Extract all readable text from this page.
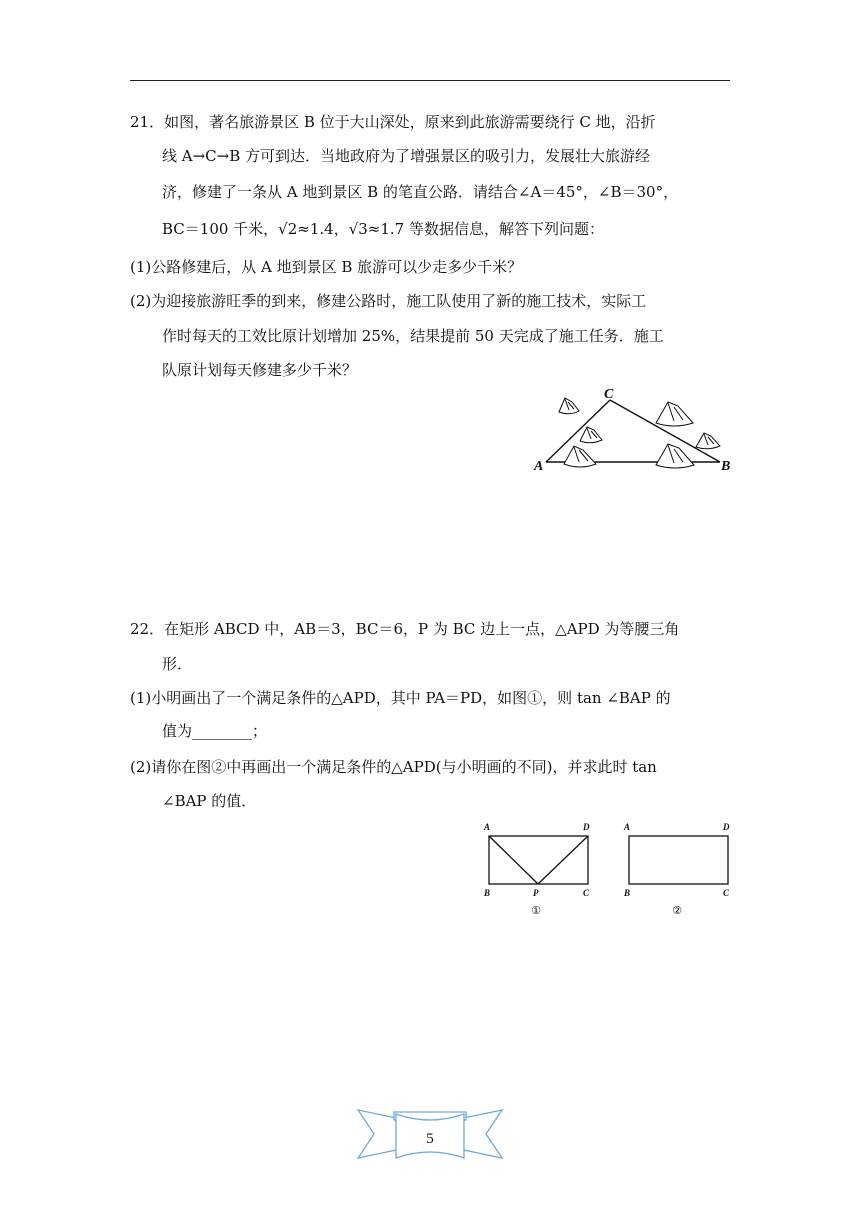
21．如图，著名旅游景区 B 位于大山深处，原来到此旅游需要绕行 C 地，沿折
线 A→C→B 方可到达．当地政府为了增强景区的吸引力，发展壮大旅游经
济，修建了一条从 A 地到景区 B 的笔直公路．请结合∠A＝45°，∠B＝30°，
BC＝100 千米，√2≈1.4，√3≈1.7 等数据信息，解答下列问题：
(1)公路修建后，从 A 地到景区 B 旅游可以少走多少千米？
(2)为迎接旅游旺季的到来，修建公路时，施工队使用了新的施工技术，实际工
作时每天的工效比原计划增加 25%，结果提前 50 天完成了施工任务．施工
队原计划每天修建多少千米？
C
A	B
22．在矩形 ABCD 中，AB＝3，BC＝6，P 为 BC 边上一点，△APD 为等腰三角
形．
(1)小明画出了一个满足条件的△APD，其中 PA＝PD，如图①，则 tan ∠BAP 的
值为________；
(2)请你在图②中再画出一个满足条件的△APD(与小明画的不同)，并求此时 tan
∠BAP 的值．
A	D
B	P	C
A	D
B	C
①	②
5
